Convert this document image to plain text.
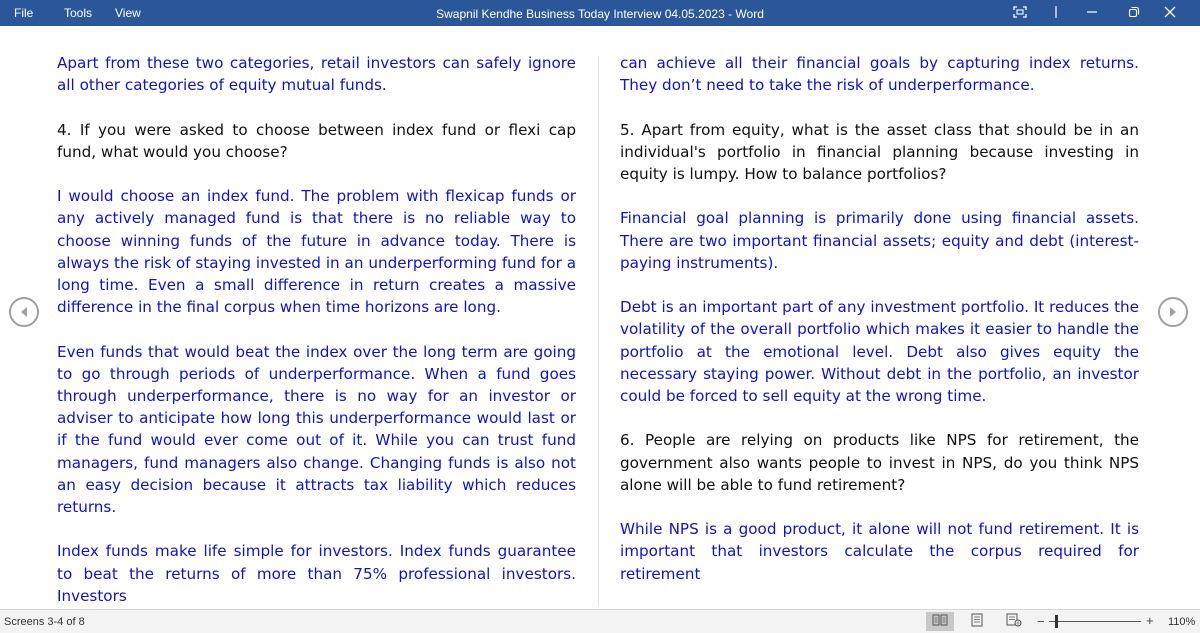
File	Tools View	Swapnil Kendhe Business Today Interview 04.05.2023 - Word

Apart from these two categories, retail investors can safely ignore all other categories of equity mutual funds.

4. If you were asked to choose between index fund or flexi cap fund, what would you choose?

I would choose an index fund. The problem with flexicap funds or any actively managed fund is that there is no reliable way to choose winning funds of the future in advance today. There is always the risk of staying invested in an underperforming fund for a long time. Even a small difference in return creates a massive difference in the final corpus when time horizons are long.

Even funds that would beat the index over the long term are going to go through periods of underperformance. When a fund goes through underperformance, there is no way for an investor or adviser to anticipate how long this underperformance would last or if the fund would ever come out of it. While you can trust fund managers, fund managers also change. Changing funds is also not an easy decision because it attracts tax liability which reduces returns.

Index funds make life simple for investors. Index funds guarantee to beat the returns of more than 75% professional investors. Investors

can achieve all their financial goals by capturing index returns. They don’t need to take the risk of underperformance.

5. Apart from equity, what is the asset class that should be in an individual's portfolio in financial planning because investing in equity is lumpy. How to balance portfolios?

Financial goal planning is primarily done using financial assets. There are two important financial assets; equity and debt (interest-paying instruments).

Debt is an important part of any investment portfolio. It reduces the volatility of the overall portfolio which makes it easier to handle the portfolio at the emotional level. Debt also gives equity the necessary staying power. Without debt in the portfolio, an investor could be forced to sell equity at the wrong time.

6. People are relying on products like NPS for retirement, the government also wants people to invest in NPS, do you think NPS alone will be able to fund retirement?

While NPS is a good product, it alone will not fund retirement. It is important that investors calculate the corpus required for retirement

Screens 3-4 of 8	−	+ 110%
